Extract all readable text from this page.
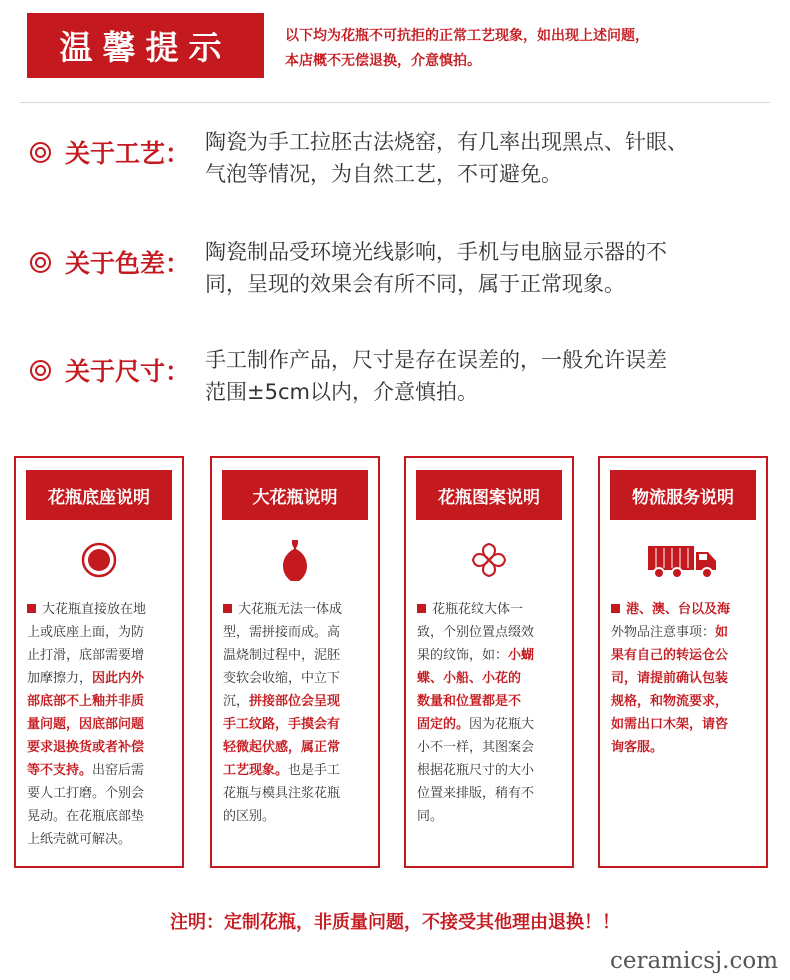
温馨提示	以下均为花瓶不可抗拒的正常工艺现象，如出现上述问题，
本店概不无偿退换，介意慎拍。
关于工艺： 陶瓷为手工拉胚古法烧窑，有几率出现黑点、针眼、
气泡等情况，为自然工艺，不可避免。
关于色差： 陶瓷制品受环境光线影响，手机与电脑显示器的不
同，呈现的效果会有所不同，属于正常现象。
关于尺寸： 手工制作产品，尺寸是存在误差的，一般允许误差
范围±5cm以内，介意慎拍。
花瓶底座说明
大花瓶直接放在地
上或底座上面，为防
止打滑，底部需要增
加摩擦力，因此内外
部底部不上釉并非质
量问题，因底部问题
要求退换货或者补偿
等不支持。出窑后需
要人工打磨。个别会
晃动。在花瓶底部垫
上纸壳就可解决。
大花瓶说明
大花瓶无法一体成
型，需拼接而成。高
温烧制过程中，泥胚
变软会收缩，中立下
沉，拼接部位会呈现
手工纹路，手摸会有
轻微起伏感，属正常
工艺现象。也是手工
花瓶与模具注浆花瓶
的区别。
花瓶图案说明
花瓶花纹大体一
致，个别位置点缀效
果的纹饰，如：小蝴
蝶、小船、小花的
数量和位置都是不
固定的。因为花瓶大
小不一样，其图案会
根据花瓶尺寸的大小
位置来排版，稍有不
同。
物流服务说明
港、澳、台以及海
外物品注意事项：如
果有自己的转运仓公
司，请提前确认包装
规格，和物流要求，
如需出口木架，请咨
询客服。
注明：定制花瓶，非质量问题，不接受其他理由退换！！
ceramicsj.com
